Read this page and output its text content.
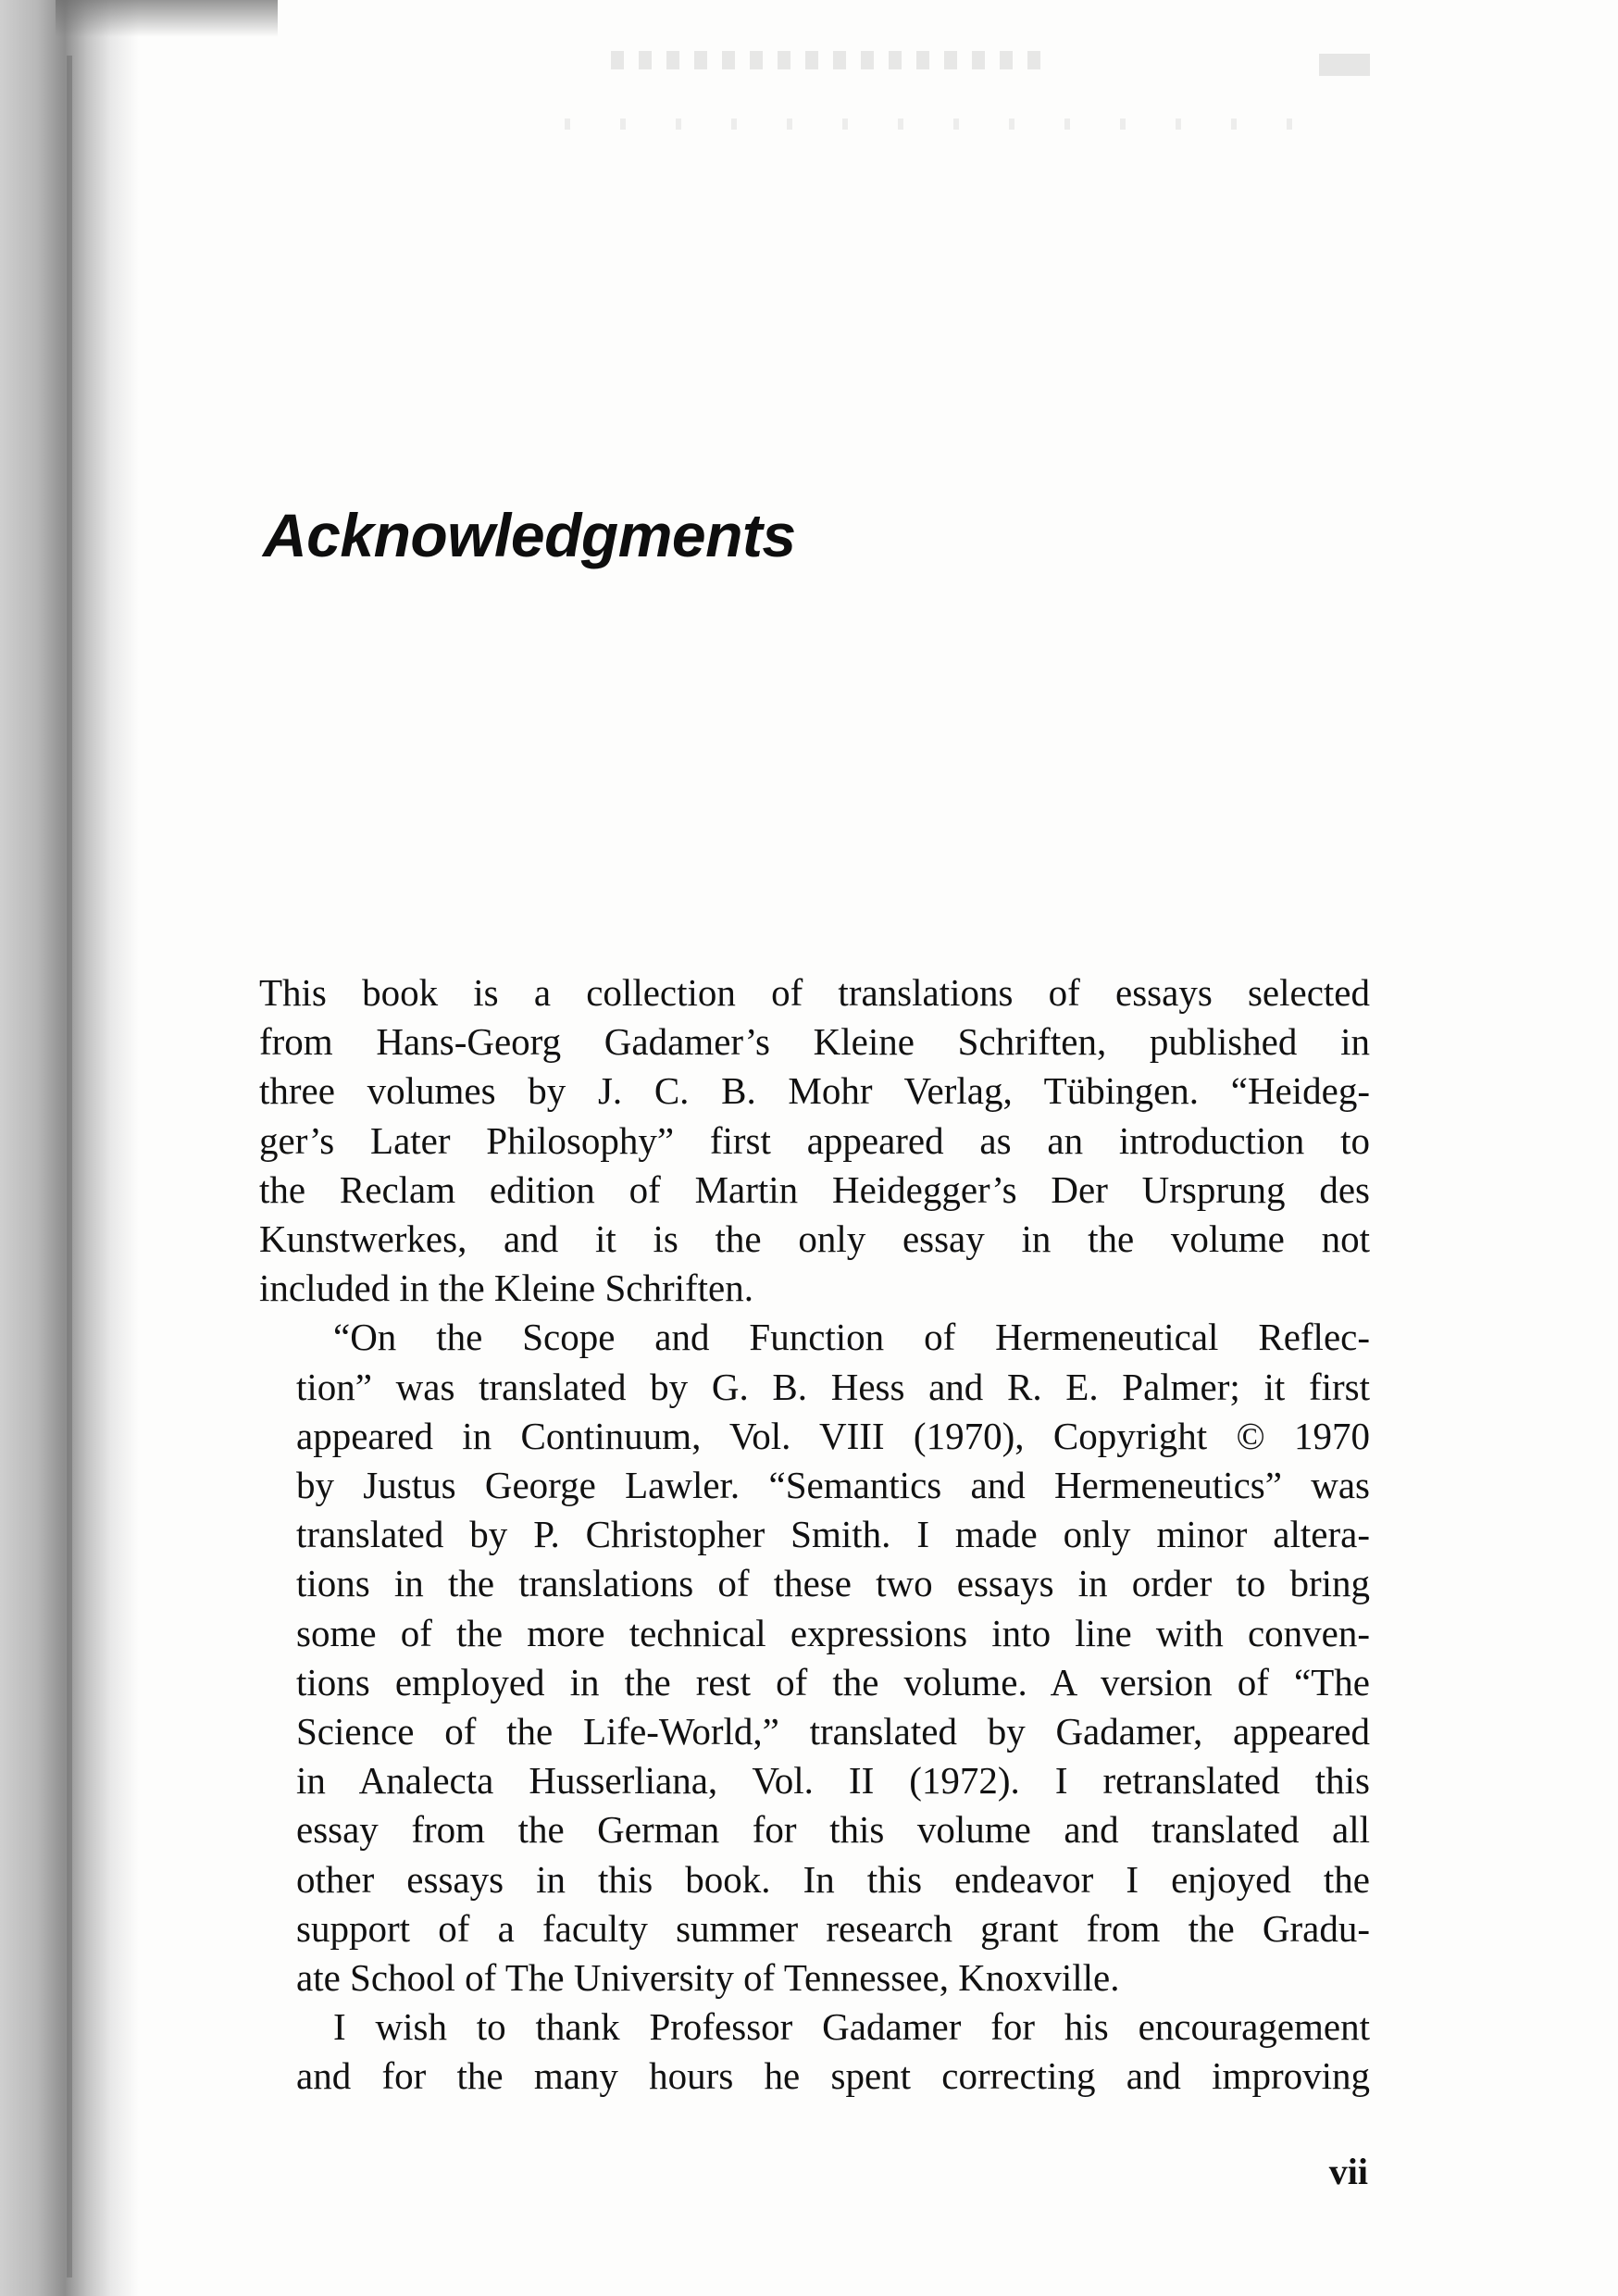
Acknowledgments

This book is a collection of translations of essays selected
from Hans-Georg Gadamer’s Kleine Schriften, published in
three volumes by J. C. B. Mohr Verlag, Tübingen. “Heideg-
ger’s Later Philosophy” first appeared as an introduction to
the Reclam edition of Martin Heidegger’s Der Ursprung des
Kunstwerkes, and it is the only essay in the volume not
included in the Kleine Schriften.

“On the Scope and Function of Hermeneutical Reflec-
tion” was translated by G. B. Hess and R. E. Palmer; it first
appeared in Continuum, Vol. VIII (1970), Copyright © 1970
by Justus George Lawler. “Semantics and Hermeneutics” was
translated by P. Christopher Smith. I made only minor altera-
tions in the translations of these two essays in order to bring
some of the more technical expressions into line with conven-
tions employed in the rest of the volume. A version of “The
Science of the Life-World,” translated by Gadamer, appeared
in Analecta Husserliana, Vol. II (1972). I retranslated this
essay from the German for this volume and translated all
other essays in this book. In this endeavor I enjoyed the
support of a faculty summer research grant from the Gradu-
ate School of The University of Tennessee, Knoxville.

I wish to thank Professor Gadamer for his encouragement
and for the many hours he spent correcting and improving

vii
